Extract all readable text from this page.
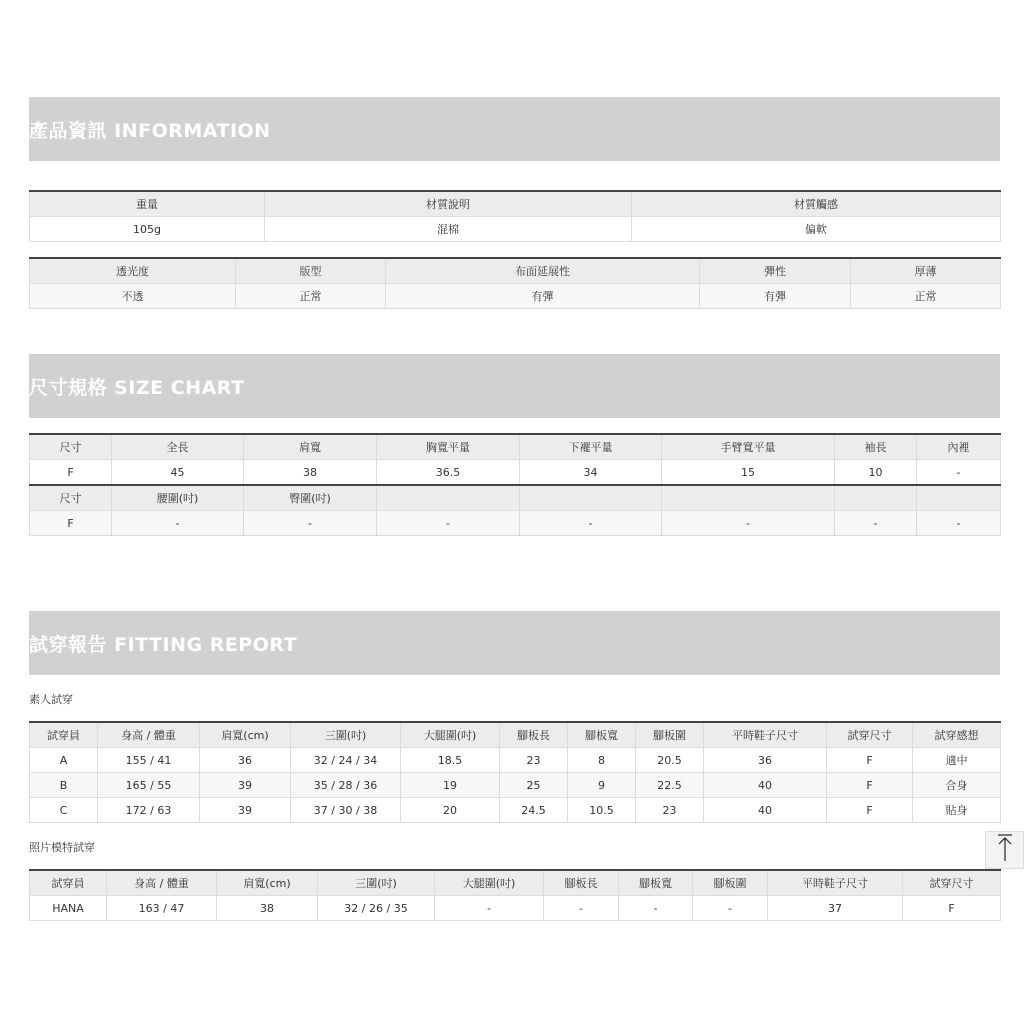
產品資訊 INFORMATION
重量	材質說明	材質觸感
105g	混棉	偏軟
透光度	版型	布面延展性	彈性	厚薄
不透	正常	有彈	有彈	正常
尺寸規格 SIZE CHART
尺寸	全長	肩寬	胸寬平量	下襬平量	手臂寬平量	袖長	內裡
F	45	38	36.5	34	15	10	-
尺寸	腰圍(吋)	臀圍(吋)					
F	-	-	-	-	-	-	-
試穿報告 FITTING REPORT
素人試穿
試穿員	身高 / 體重	肩寬(cm)	三圍(吋)	大腿圍(吋)	腳板長	腳板寬	腳板圍	平時鞋子尺寸	試穿尺寸	試穿感想
A	155 / 41	36	32 / 24 / 34	18.5	23	8	20.5	36	F	適中
B	165 / 55	39	35 / 28 / 36	19	25	9	22.5	40	F	合身
C	172 / 63	39	37 / 30 / 38	20	24.5	10.5	23	40	F	貼身
照片模特試穿
試穿員	身高 / 體重	肩寬(cm)	三圍(吋)	大腿圍(吋)	腳板長	腳板寬	腳板圍	平時鞋子尺寸	試穿尺寸
HANA	163 / 47	38	32 / 26 / 35	-	-	-	-	37	F
